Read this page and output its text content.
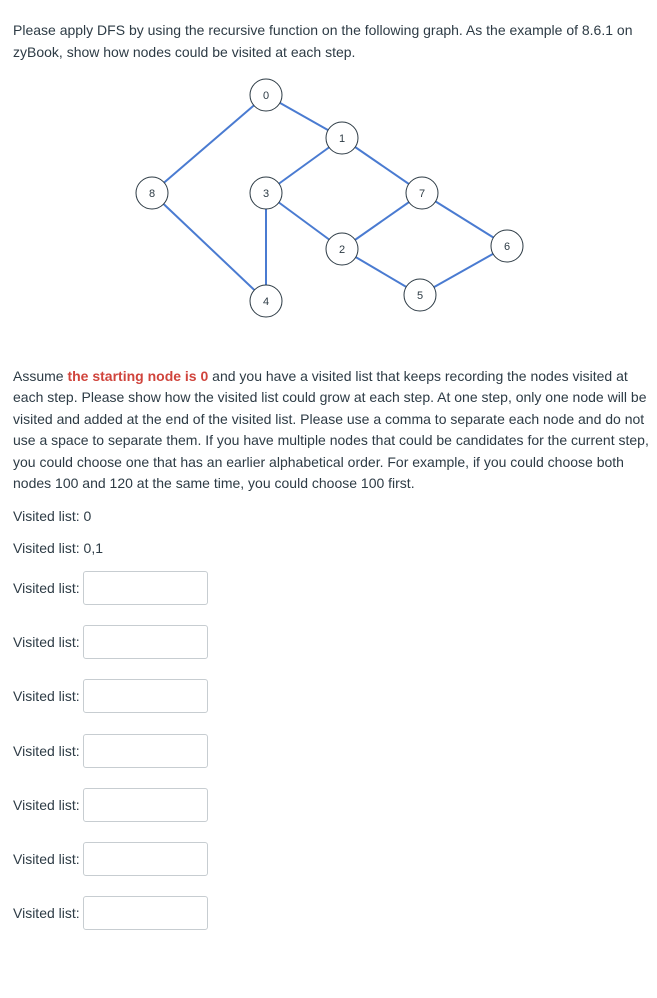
Please apply DFS by using the recursive function on the following graph. As the example of 8.6.1 on zyBook, show how nodes could be visited at each step.

0
1
3
8	7
2	6
5
4

Assume the starting node is 0 and you have a visited list that keeps recording the nodes visited at each step. Please show how the visited list could grow at each step. At one step, only one node will be visited and added at the end of the visited list. Please use a comma to separate each node and do not use a space to separate them. If you have multiple nodes that could be candidates for the current step, you could choose one that has an earlier alphabetical order. For example, if you could choose both nodes 100 and 120 at the same time, you could choose 100 first.

Visited list: 0

Visited list: 0,1

Visited list:
Visited list:
Visited list:
Visited list:
Visited list:
Visited list:
Visited list:
